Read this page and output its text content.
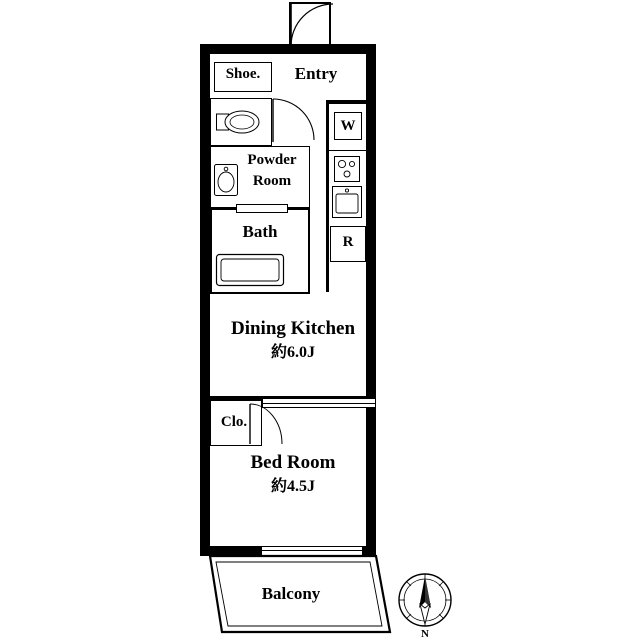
Shoe.	Entry
W
Powder
Room
R
Bath
Dining Kitchen
約6.0J
Clo.
Bed Room
約4.5J
Balcony
N
